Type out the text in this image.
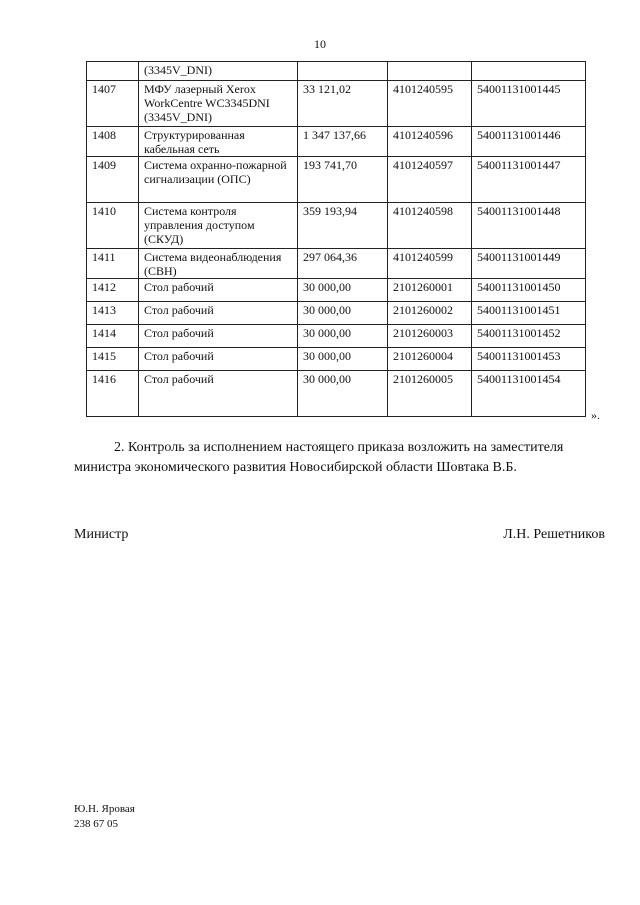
10
	(3345V_DNI)			
1407	МФУ лазерный Xerox WorkCentre WC3345DNI (3345V_DNI)	33 121,02	4101240595	54001131001445
1408	Структурированная кабельная сеть	1 347 137,66	4101240596	54001131001446
1409	Система охранно-пожарной сигнализации (ОПС)	193 741,70	4101240597	54001131001447
1410	Система контроля управления доступом (СКУД)	359 193,94	4101240598	54001131001448
1411	Система видеонаблюдения (СВН)	297 064,36	4101240599	54001131001449
1412	Стол рабочий	30 000,00	2101260001	54001131001450
1413	Стол рабочий	30 000,00	2101260002	54001131001451
1414	Стол рабочий	30 000,00	2101260003	54001131001452
1415	Стол рабочий	30 000,00	2101260004	54001131001453
1416	Стол рабочий	30 000,00	2101260005	54001131001454
».
2. Контроль за исполнением настоящего приказа возложить на заместителя
министра экономического развития Новосибирской области Шовтака В.Б.
Министр	Л.Н. Решетников
Ю.Н. Яровая
238 67 05
